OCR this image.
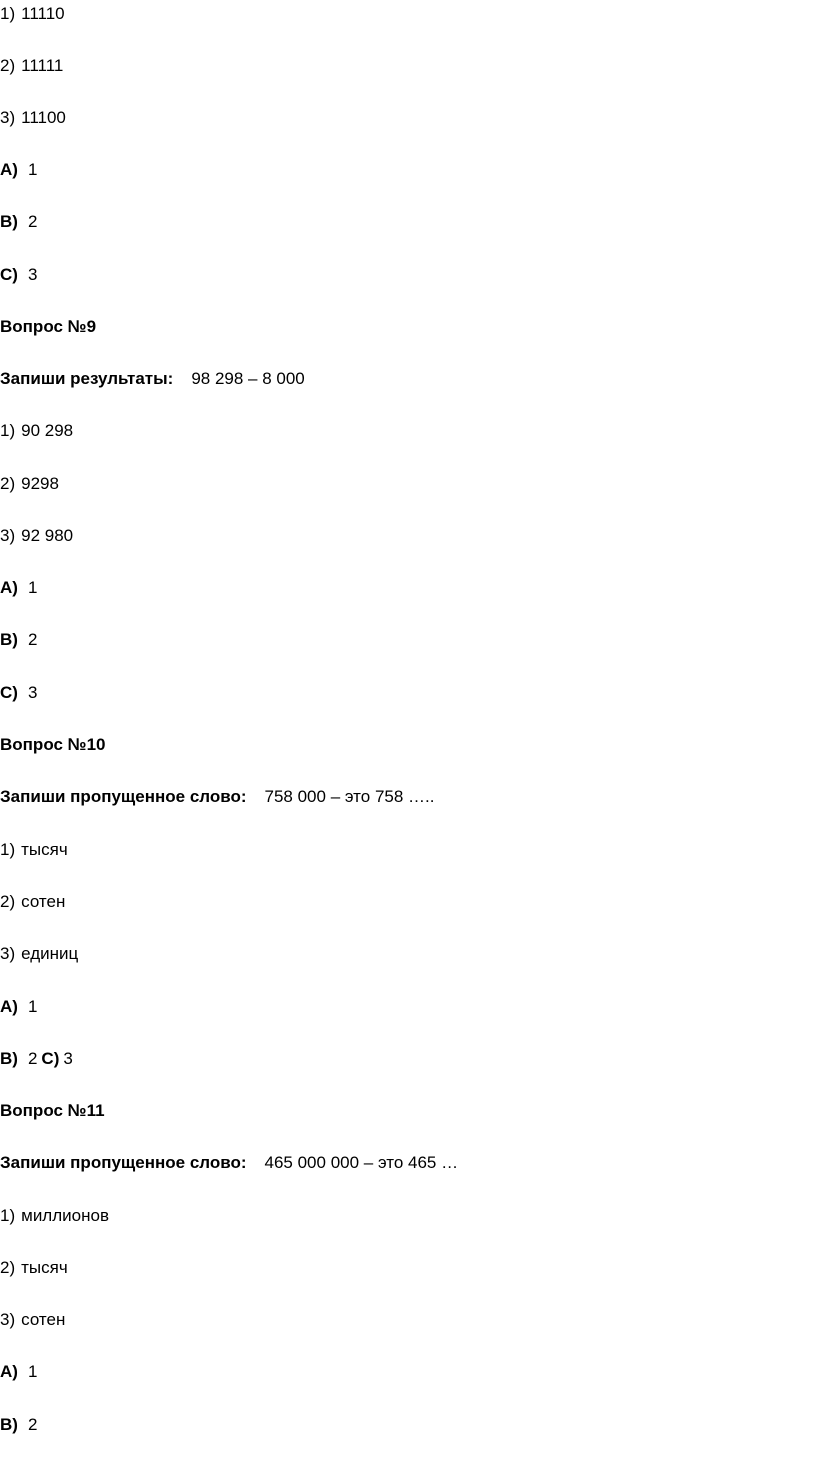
1) 11110
2) 11111
3) 11100
A) 1
B) 2
C) 3
Вопрос №9
Запиши результаты: 98 298 – 8 000
1) 90 298
2) 9298
3) 92 980
A) 1
B) 2
C) 3
Вопрос №10
Запиши пропущенное слово: 758 000 – это 758 …..
1) тысяч
2) сотен
3) единиц
A) 1
B) 2 C) 3
Вопрос №11
Запиши пропущенное слово: 465 000 000 – это 465 …
1) миллионов
2) тысяч
3) сотен
A) 1
B) 2
